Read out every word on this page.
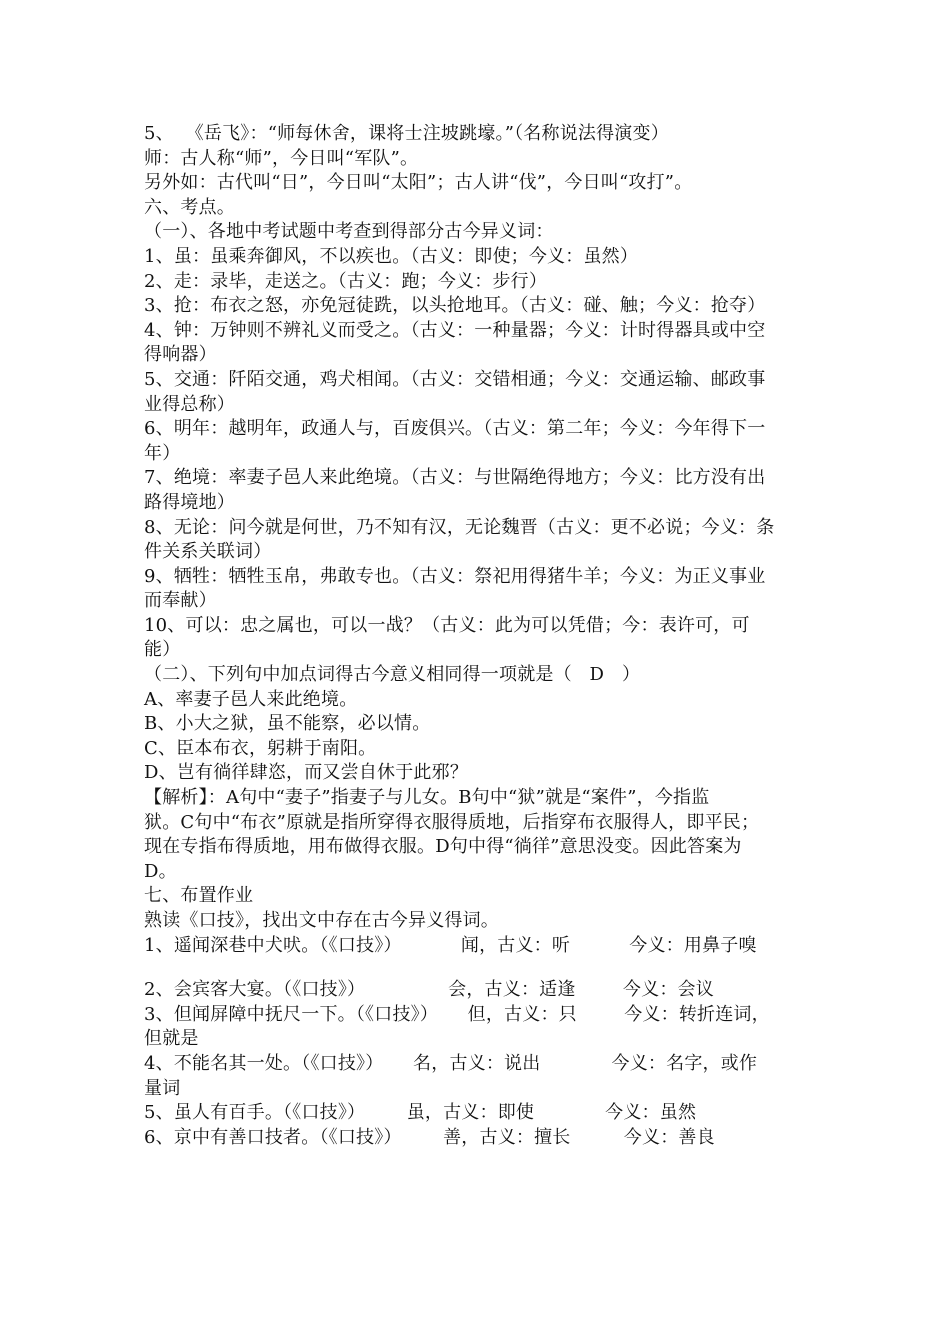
5、  《岳飞》：“师每休舍，课将士注坡跳壕。”（名称说法得演变）
师：古人称“师”，今日叫“军队”。
另外如：古代叫“日”，今日叫“太阳”；古人讲“伐”，今日叫“攻打”。
六、考点。
（一）、各地中考试题中考查到得部分古今异义词：
1、虽：虽乘奔御风，不以疾也。（古义：即使；今义：虽然）
2、走：录毕，走送之。（古义：跑；今义：步行）
3、抢：布衣之怒，亦免冠徒跣，以头抢地耳。（古义：碰、触；今义：抢夺）
4、钟：万钟则不辨礼义而受之。（古义：一种量器；今义：计时得器具或中空
得响器）
5、交通：阡陌交通，鸡犬相闻。（古义：交错相通；今义：交通运输、邮政事
业得总称）
6、明年：越明年，政通人与，百废俱兴。（古义：第二年；今义：今年得下一
年）
7、绝境：率妻子邑人来此绝境。（古义：与世隔绝得地方；今义：比方没有出
路得境地）
8、无论：问今就是何世，乃不知有汉，无论魏晋（古义：更不必说；今义：条
件关系关联词）
9、牺牲：牺牲玉帛，弗敢专也。（古义：祭祀用得猪牛羊；今义：为正义事业
而奉献）
10、可以：忠之属也，可以一战？（古义：此为可以凭借；今：表许可，可
能）
（二）、下列句中加点词得古今意义相同得一项就是（   D   ）
A、率妻子邑人来此绝境。
B、小大之狱，虽不能察，必以情。
C、臣本布衣，躬耕于南阳。
D、岂有徜徉肆恣，而又尝自休于此邪？
【解析】：A句中“妻子”指妻子与儿女。B句中“狱”就是“案件”，今指监
狱。C句中“布衣”原就是指所穿得衣服得质地，后指穿布衣服得人，即平民；
现在专指布得质地，用布做得衣服。D句中得“徜徉”意思没变。因此答案为
D。
七、布置作业
熟读《口技》，找出文中存在古今异义得词。
1、遥闻深巷中犬吠。（《口技》）          闻，古义：听          今义：用鼻子嗅
2、会宾客大宴。（《口技》）              会，古义：适逢        今义：会议
3、但闻屏障中抚尺一下。（《口技》）     但，古义：只        今义：转折连词，
但就是
4、不能名其一处。（《口技》）     名，古义：说出            今义：名字，或作
量词
5、虽人有百手。（《口技》）       虽，古义：即使            今义：虽然
6、京中有善口技者。（《口技》）       善，古义：擅长         今义：善良
